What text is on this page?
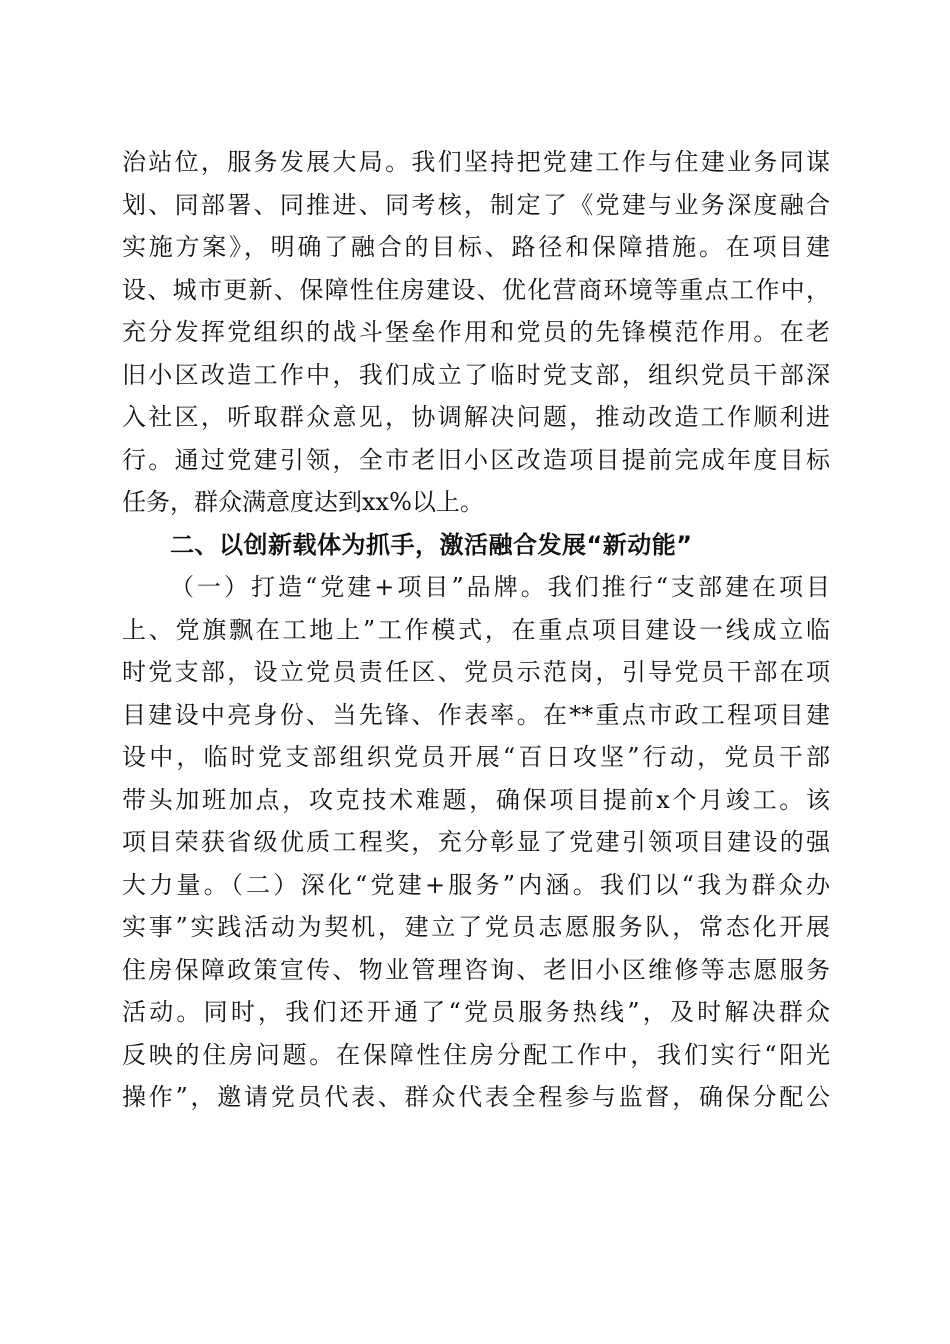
治站位，服务发展大局。我们坚持把党建工作与住建业务同谋
划、同部署、同推进、同考核，制定了《党建与业务深度融合
实施方案》，明确了融合的目标、路径和保障措施。在项目建
设、城市更新、保障性住房建设、优化营商环境等重点工作中，
充分发挥党组织的战斗堡垒作用和党员的先锋模范作用。在老
旧小区改造工作中，我们成立了临时党支部，组织党员干部深
入社区，听取群众意见，协调解决问题，推动改造工作顺利进
行。通过党建引领，全市老旧小区改造项目提前完成年度目标
任务，群众满意度达到xx%以上。
二、以创新载体为抓手，激活融合发展“新动能”
（一）打造“党建+项目”品牌。我们推行“支部建在项目
上、党旗飘在工地上”工作模式，在重点项目建设一线成立临
时党支部，设立党员责任区、党员示范岗，引导党员干部在项
目建设中亮身份、当先锋、作表率。在**重点市政工程项目建
设中，临时党支部组织党员开展“百日攻坚”行动，党员干部
带头加班加点，攻克技术难题，确保项目提前x个月竣工。该
项目荣获省级优质工程奖，充分彰显了党建引领项目建设的强
大力量。（二）深化“党建+服务”内涵。我们以“我为群众办
实事”实践活动为契机，建立了党员志愿服务队，常态化开展
住房保障政策宣传、物业管理咨询、老旧小区维修等志愿服务
活动。同时，我们还开通了“党员服务热线”，及时解决群众
反映的住房问题。在保障性住房分配工作中，我们实行“阳光
操作”，邀请党员代表、群众代表全程参与监督，确保分配公
